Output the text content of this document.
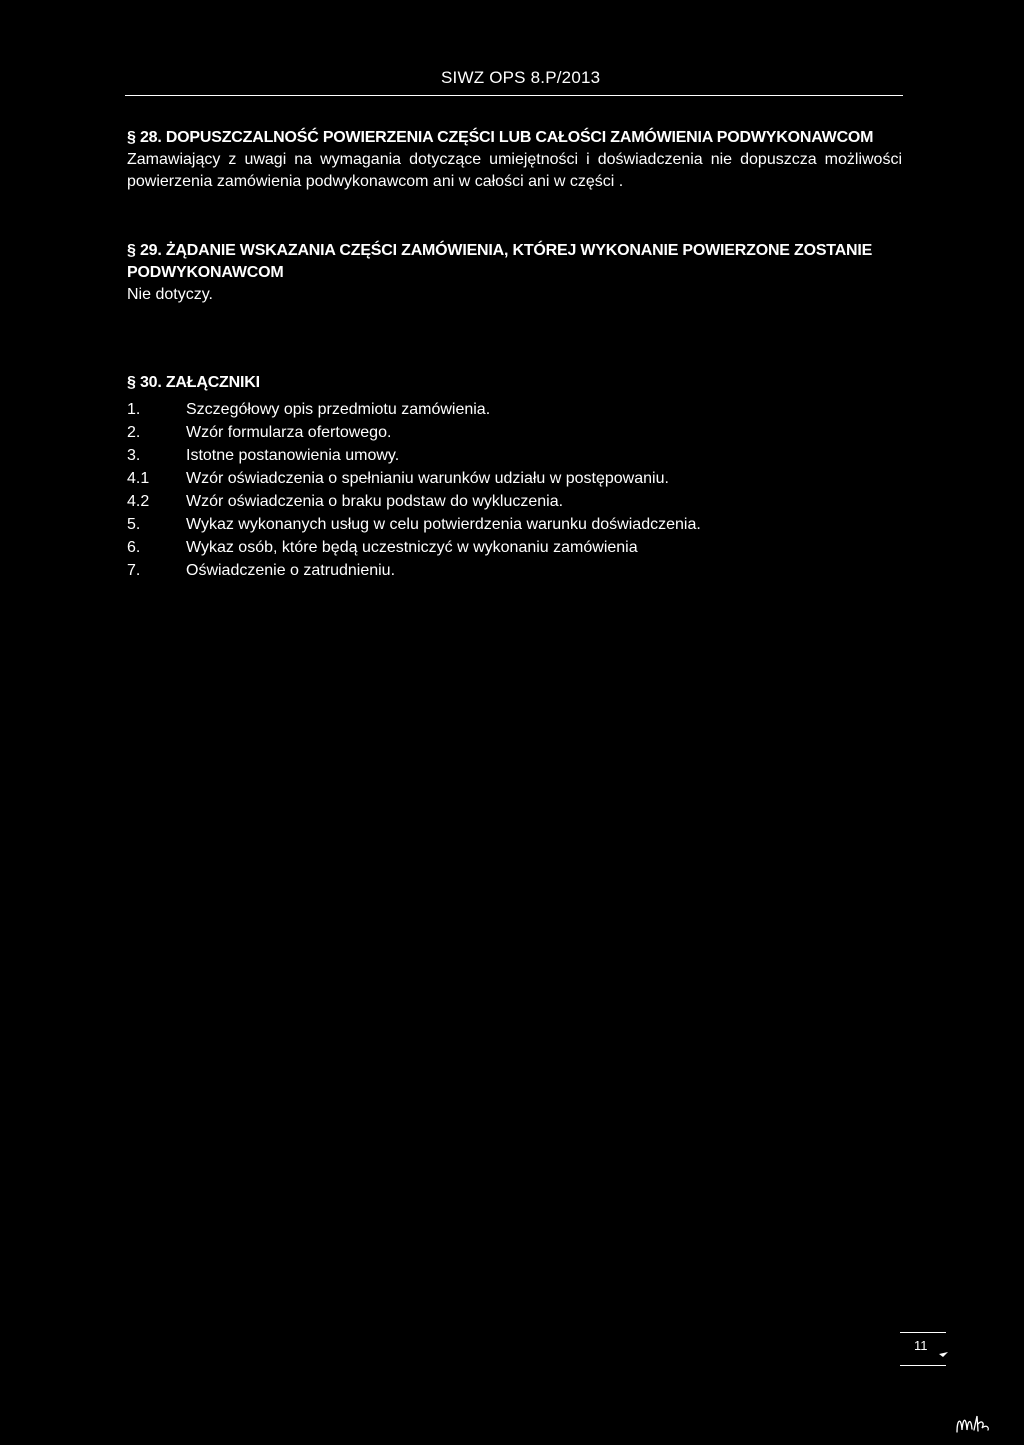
SIWZ OPS 8.P/2013
§ 28. DOPUSZCZALNOŚĆ POWIERZENIA CZĘŚCI LUB CAŁOŚCI ZAMÓWIENIA PODWYKONAWCOM
Zamawiający z uwagi na wymagania dotyczące umiejętności i doświadczenia nie dopuszcza możliwości powierzenia zamówienia podwykonawcom ani w całości ani w części .
§ 29. ŻĄDANIE WSKAZANIA CZĘŚCI ZAMÓWIENIA, KTÓREJ WYKONANIE POWIERZONE ZOSTANIE PODWYKONAWCOM
Nie dotyczy.
§ 30. ZAŁĄCZNIKI
1.	Szczegółowy opis przedmiotu zamówienia.
2.	Wzór formularza ofertowego.
3.	Istotne postanowienia umowy.
4.1	Wzór oświadczenia o spełnianiu warunków udziału w postępowaniu.
4.2	Wzór oświadczenia o braku podstaw do wykluczenia.
5.	Wykaz wykonanych usług w celu potwierdzenia warunku doświadczenia.
6.	Wykaz osób, które będą uczestniczyć w wykonaniu zamówienia
7.	Oświadczenie o zatrudnieniu.
11
